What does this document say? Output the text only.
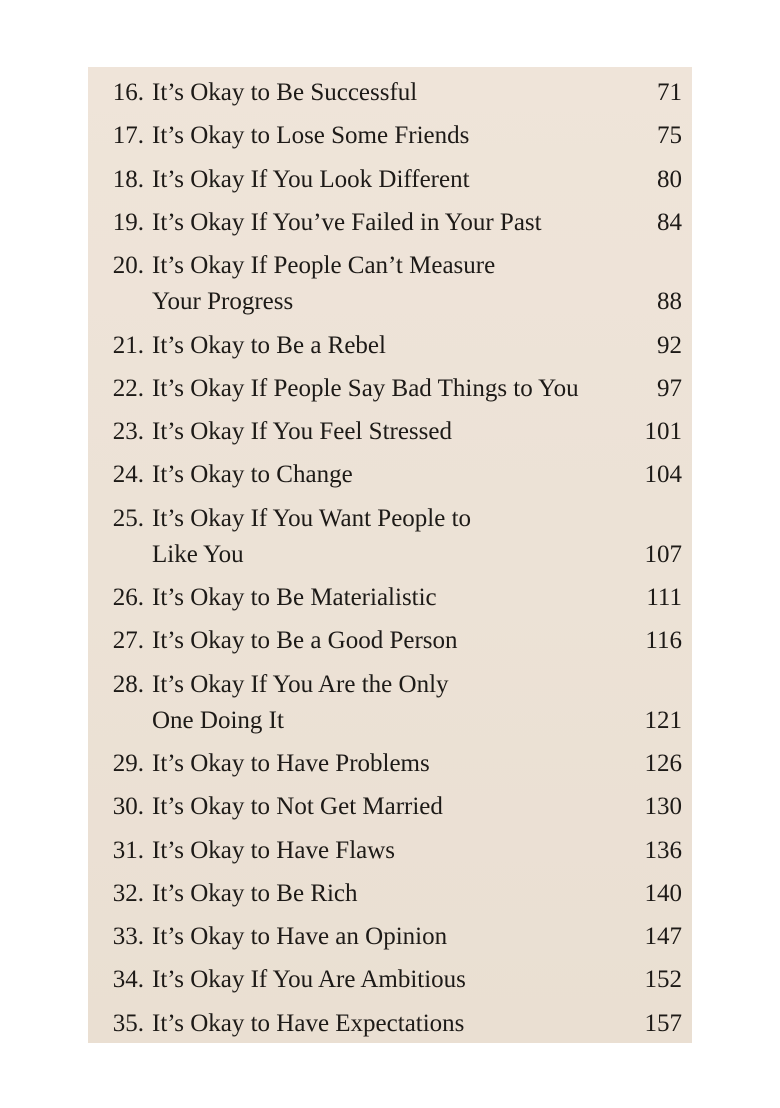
16. It’s Okay to Be Successful	71
17. It’s Okay to Lose Some Friends	75
18. It’s Okay If You Look Different	80
19. It’s Okay If You’ve Failed in Your Past	84
20. It’s Okay If People Can’t Measure
Your Progress	88
21. It’s Okay to Be a Rebel	92
22. It’s Okay If People Say Bad Things to You	97
23. It’s Okay If You Feel Stressed	101
24. It’s Okay to Change	104
25. It’s Okay If You Want People to
Like You	107
26. It’s Okay to Be Materialistic	111
27. It’s Okay to Be a Good Person	116
28. It’s Okay If You Are the Only
One Doing It	121
29. It’s Okay to Have Problems	126
30. It’s Okay to Not Get Married	130
31. It’s Okay to Have Flaws	136
32. It’s Okay to Be Rich	140
33. It’s Okay to Have an Opinion	147
34. It’s Okay If You Are Ambitious	152
35. It’s Okay to Have Expectations	157
